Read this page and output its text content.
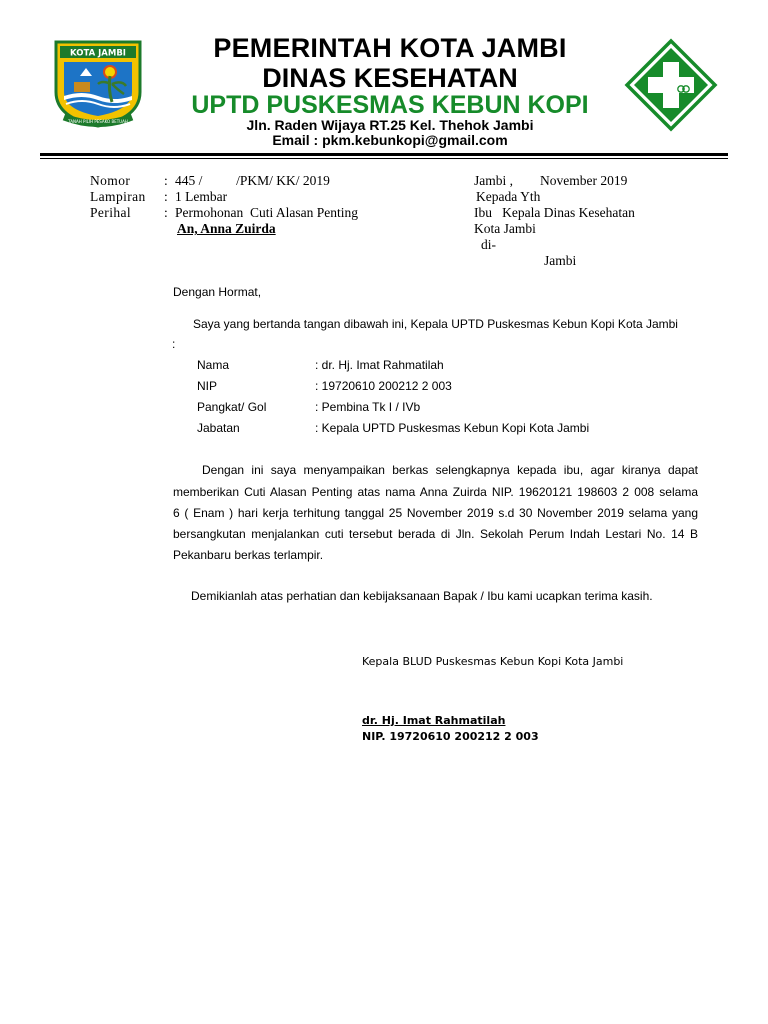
KOTA JAMBI
TANAH PILIH PESAKO BETUAH
PEMERINTAH KOTA JAMBI
DINAS KESEHATAN
UPTD PUSKESMAS KEBUN KOPI
Jln. Raden Wijaya RT.25 Kel. Thehok Jambi
Email : pkm.kebunkopi@gmail.com
Nomor	: 445 /          /PKM/ KK/ 2019
Lampiran : 1 Lembar
Perihal : Permohonan  Cuti Alasan Penting
An, Anna Zuirda
Jambi ,        November 2019
Kepada Yth
Ibu   Kepala Dinas Kesehatan
Kota Jambi
di-
Jambi
Dengan Hormat,
Saya yang bertanda tangan dibawah ini, Kepala UPTD Puskesmas Kebun Kopi Kota Jambi
:
Nama	: dr. Hj. Imat Rahmatilah
NIP	: 19720610 200212 2 003
Pangkat/ Gol	: Pembina Tk I / IVb
Jabatan	: Kepala UPTD Puskesmas Kebun Kopi Kota Jambi
Dengan ini saya menyampaikan berkas selengkapnya kepada ibu, agar kiranya dapat
memberikan Cuti Alasan Penting atas nama Anna Zuirda NIP. 19620121 198603 2 008 selama
6 ( Enam ) hari kerja terhitung tanggal 25 November 2019 s.d 30 November 2019 selama yang
bersangkutan menjalankan cuti tersebut berada di Jln. Sekolah Perum Indah Lestari No. 14 B
Pekanbaru berkas terlampir.
Demikianlah atas perhatian dan kebijaksanaan Bapak / Ibu kami ucapkan terima kasih.
Kepala BLUD Puskesmas Kebun Kopi Kota Jambi
dr. Hj. Imat Rahmatilah
NIP. 19720610 200212 2 003
